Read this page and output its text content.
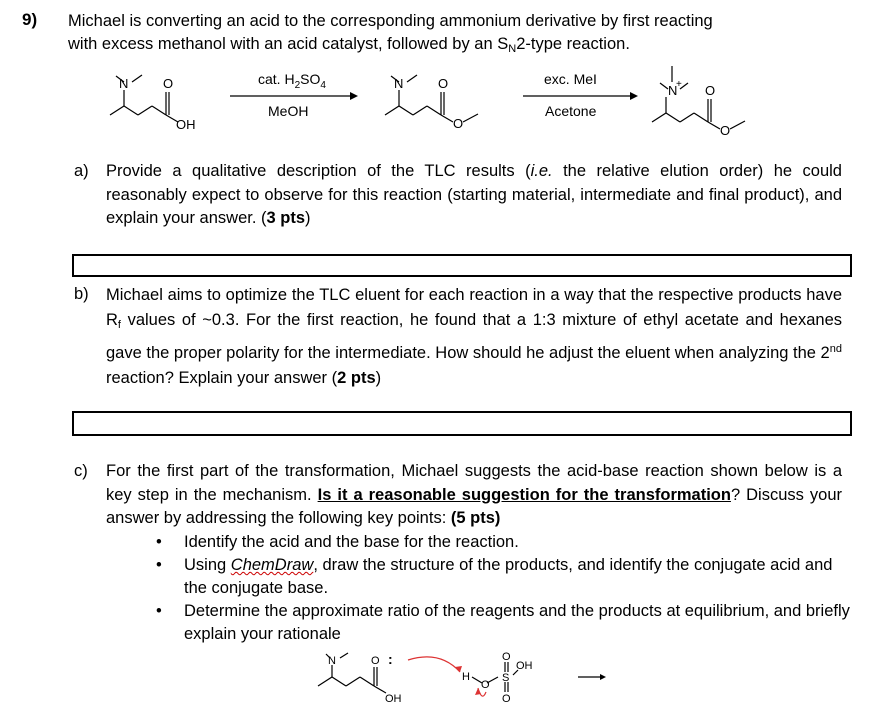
9) Michael is converting an acid to the corresponding ammonium derivative by first reacting
with excess methanol with an acid catalyst, followed by an $S_N2$-type reaction.
N	O
OH
N	O
O
N
+ O
O
cat. $H_2SO_4$
MeOH
exc. MeI
Acetone
a) Provide a qualitative description of the TLC results (i.e. the relative elution order) he could reasonably expect to observe for this reaction (starting material, intermediate and final product), and explain your answer. (3 pts)
b) Michael aims to optimize the TLC eluent for each reaction in a way that the respective products have $R_f$ values of ~0.3. For the first reaction, he found that a 1:3 mixture of ethyl acetate and hexanes gave the proper polarity for the intermediate. How should he adjust the eluent when analyzing the 2nd reaction? Explain your answer (2 pts)
c) For the first part of the transformation, Michael suggests the acid-base reaction shown below is a key step in the mechanism. Is it a reasonable suggestion for the transformation? Discuss your answer by addressing the following key points: (5 pts)
• Identify the acid and the base for the reaction.
• Using ChemDraw, draw the structure of the products, and identify the conjugate acid and the conjugate base.
• Determine the approximate ratio of the reagents and the products at equilibrium, and briefly explain your rationale
N	O :
OH
H
O
S
O
O
OH
